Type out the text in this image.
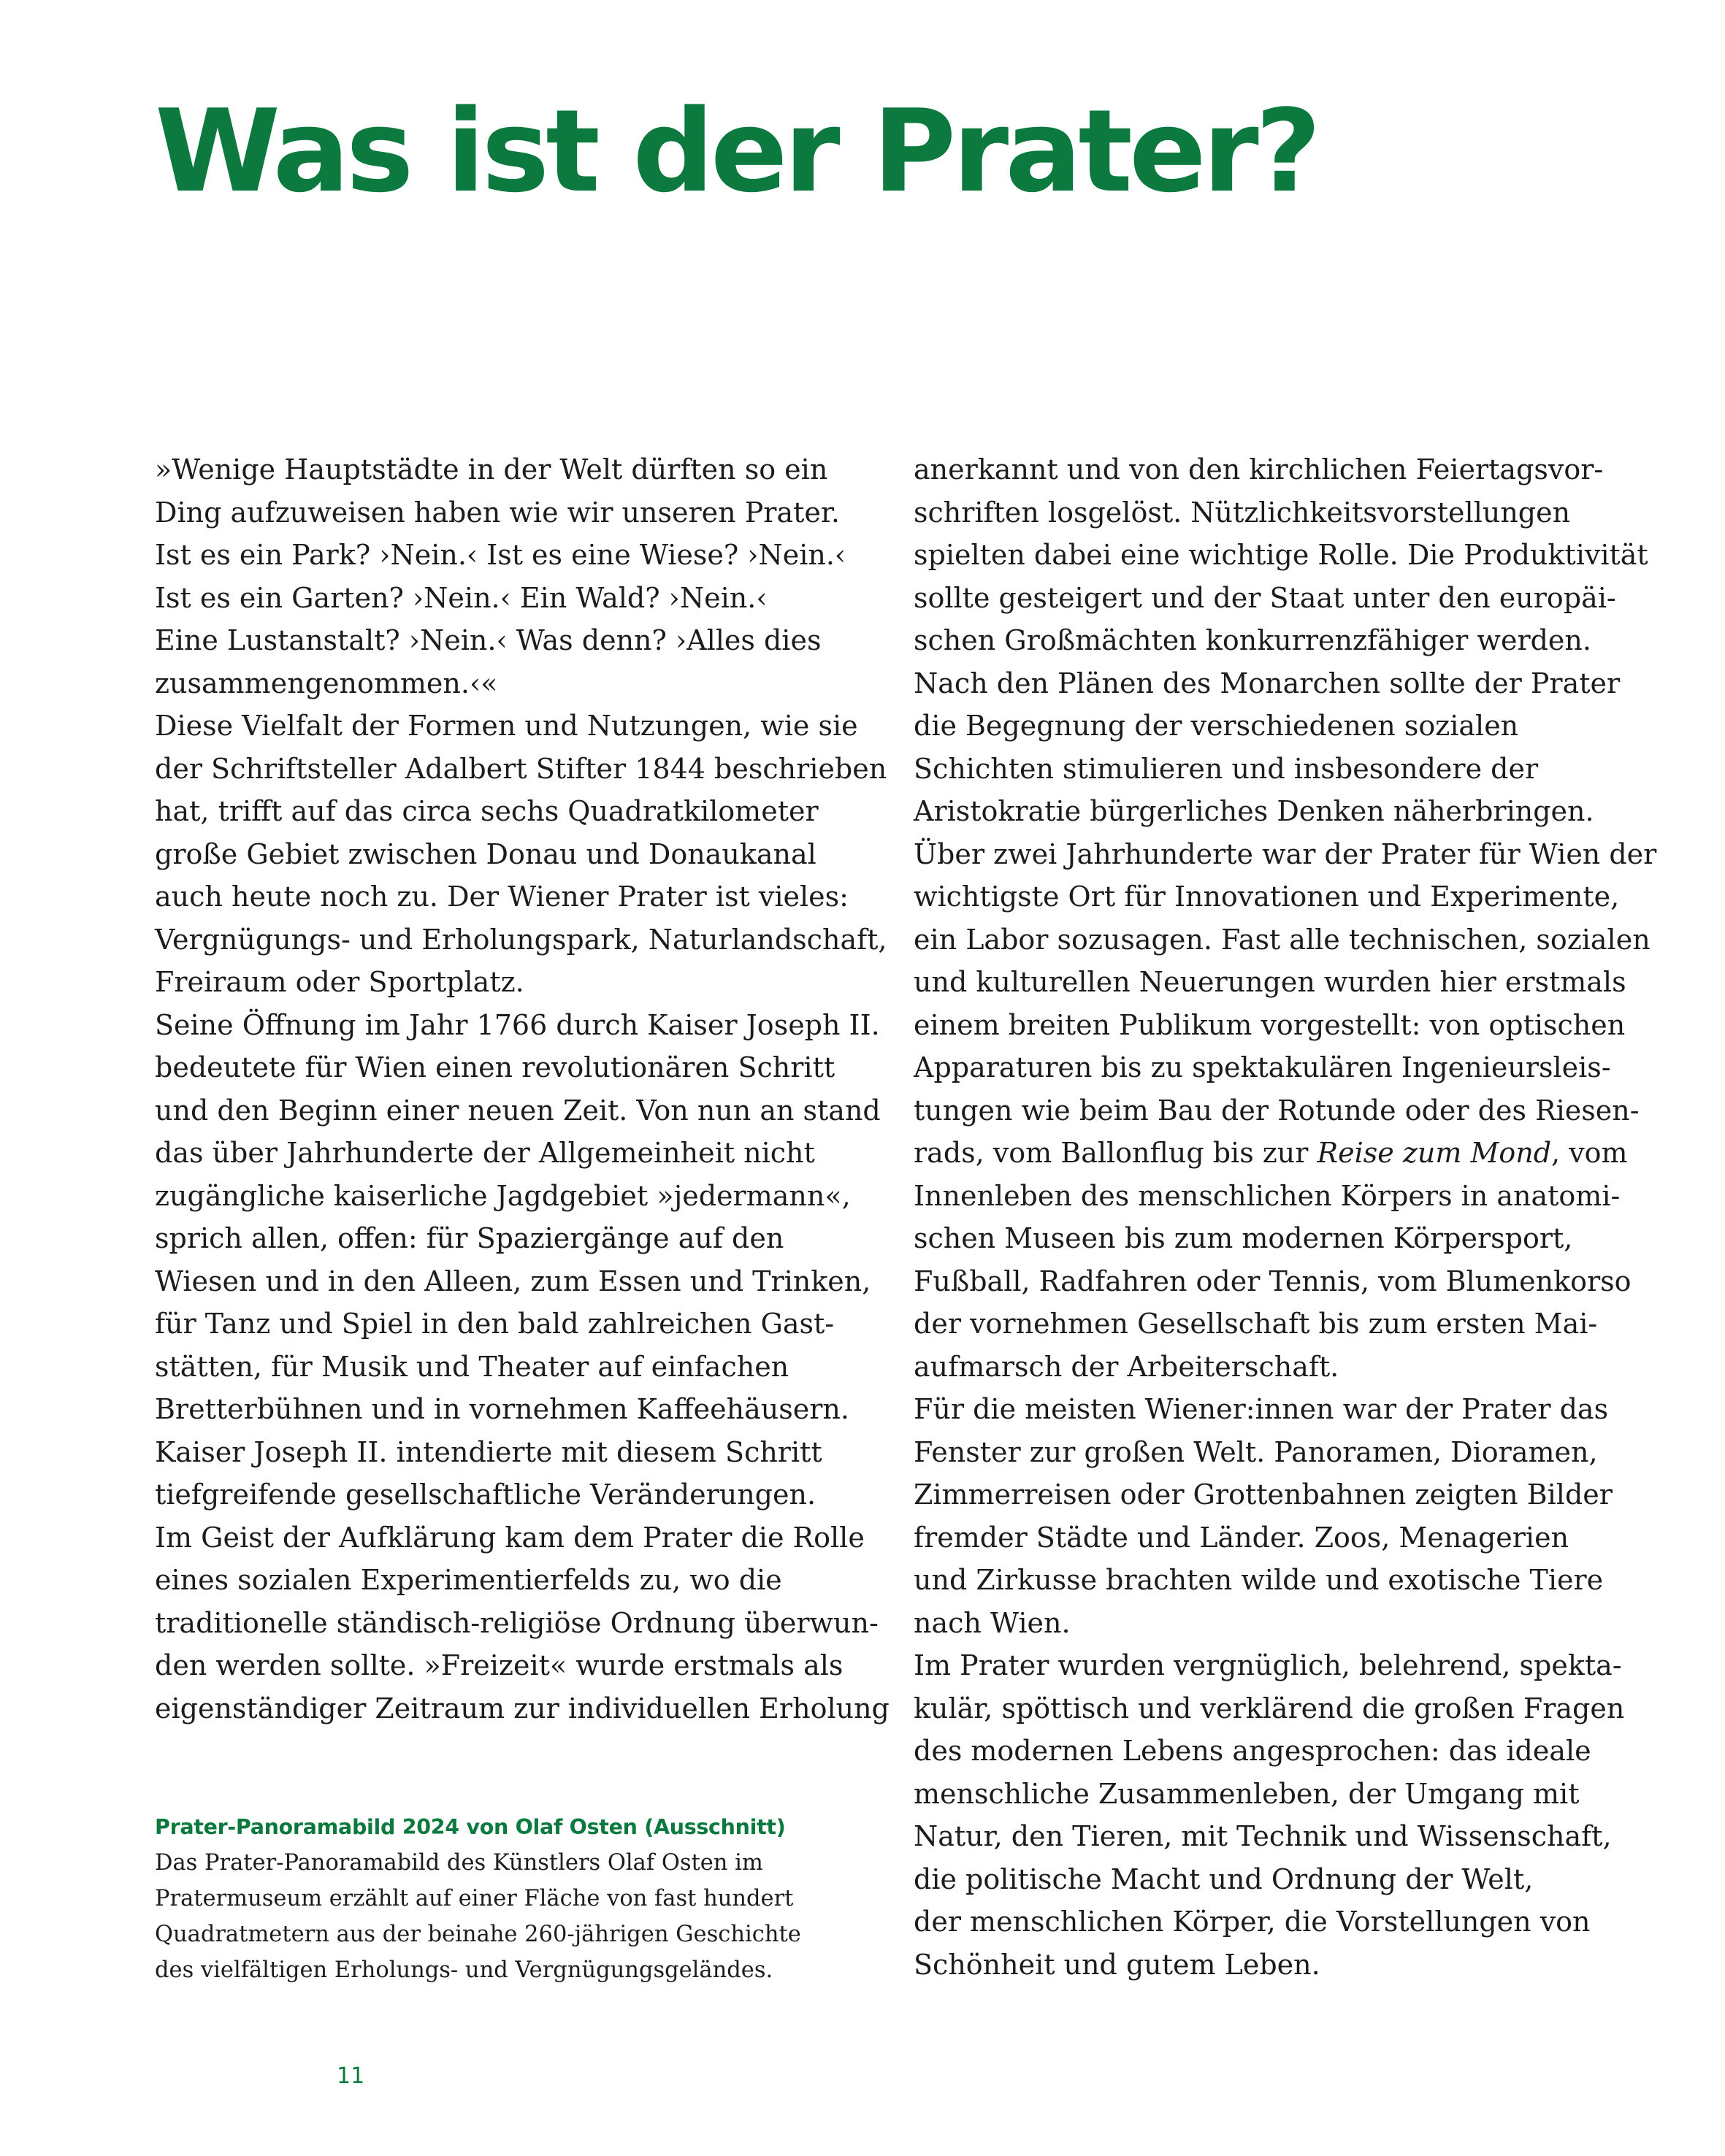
Was ist der Prater?
»Wenige Hauptstädte in der Welt dürften so ein
Ding aufzuweisen haben wie wir unseren Prater.
Ist es ein Park? ›Nein.‹ Ist es eine Wiese? ›Nein.‹
Ist es ein Garten? ›Nein.‹ Ein Wald? ›Nein.‹
Eine Lustanstalt? ›Nein.‹ Was denn? ›Alles dies
zusammengenommen.‹«
Diese Vielfalt der Formen und Nutzungen, wie sie
der Schriftsteller Adalbert Stifter 1844 beschrieben
hat, trifft auf das circa sechs Quadratkilometer
große Gebiet zwischen Donau und Donaukanal
auch heute noch zu. Der Wiener Prater ist vieles:
Vergnügungs- und Erholungspark, Naturlandschaft,
Freiraum oder Sportplatz.
Seine Öffnung im Jahr 1766 durch Kaiser Joseph II.
bedeutete für Wien einen revolutionären Schritt
und den Beginn einer neuen Zeit. Von nun an stand
das über Jahrhunderte der Allgemeinheit nicht
zugängliche kaiserliche Jagdgebiet »jedermann«,
sprich allen, offen: für Spaziergänge auf den
Wiesen und in den Alleen, zum Essen und Trinken,
für Tanz und Spiel in den bald zahlreichen Gast-
stätten, für Musik und Theater auf einfachen
Bretterbühnen und in vornehmen Kaffeehäusern.
Kaiser Joseph II. intendierte mit diesem Schritt
tiefgreifende gesellschaftliche Veränderungen.
Im Geist der Aufklärung kam dem Prater die Rolle
eines sozialen Experimentierfelds zu, wo die
traditionelle ständisch-religiöse Ordnung überwun-
den werden sollte. »Freizeit« wurde erstmals als
eigenständiger Zeitraum zur individuellen Erholung
anerkannt und von den kirchlichen Feiertagsvor-
schriften losgelöst. Nützlichkeitsvorstellungen
spielten dabei eine wichtige Rolle. Die Produktivität
sollte gesteigert und der Staat unter den europäi-
schen Großmächten konkurrenzfähiger werden.
Nach den Plänen des Monarchen sollte der Prater
die Begegnung der verschiedenen sozialen
Schichten stimulieren und insbesondere der
Aristokratie bürgerliches Denken näherbringen.
Über zwei Jahrhunderte war der Prater für Wien der
wichtigste Ort für Innovationen und Experimente,
ein Labor sozusagen. Fast alle technischen, sozialen
und kulturellen Neuerungen wurden hier erstmals
einem breiten Publikum vorgestellt: von optischen
Apparaturen bis zu spektakulären Ingenieursleis-
tungen wie beim Bau der Rotunde oder des Riesen-
rads, vom Ballonflug bis zur Reise zum Mond, vom
Innenleben des menschlichen Körpers in anatomi-
schen Museen bis zum modernen Körpersport,
Fußball, Radfahren oder Tennis, vom Blumenkorso
der vornehmen Gesellschaft bis zum ersten Mai-
aufmarsch der Arbeiterschaft.
Für die meisten Wiener:innen war der Prater das
Fenster zur großen Welt. Panoramen, Dioramen,
Zimmerreisen oder Grottenbahnen zeigten Bilder
fremder Städte und Länder. Zoos, Menagerien
und Zirkusse brachten wilde und exotische Tiere
nach Wien.
Im Prater wurden vergnüglich, belehrend, spekta-
kulär, spöttisch und verklärend die großen Fragen
des modernen Lebens angesprochen: das ideale
menschliche Zusammenleben, der Umgang mit
Natur, den Tieren, mit Technik und Wissenschaft,
die politische Macht und Ordnung der Welt,
der menschlichen Körper, die Vorstellungen von
Schönheit und gutem Leben.
Prater-Panoramabild 2024 von Olaf Osten (Ausschnitt)
Das Prater-Panoramabild des Künstlers Olaf Osten im
Pratermuseum erzählt auf einer Fläche von fast hundert
Quadratmetern aus der beinahe 260-jährigen Geschichte
des vielfältigen Erholungs- und Vergnügungsgeländes.
11
